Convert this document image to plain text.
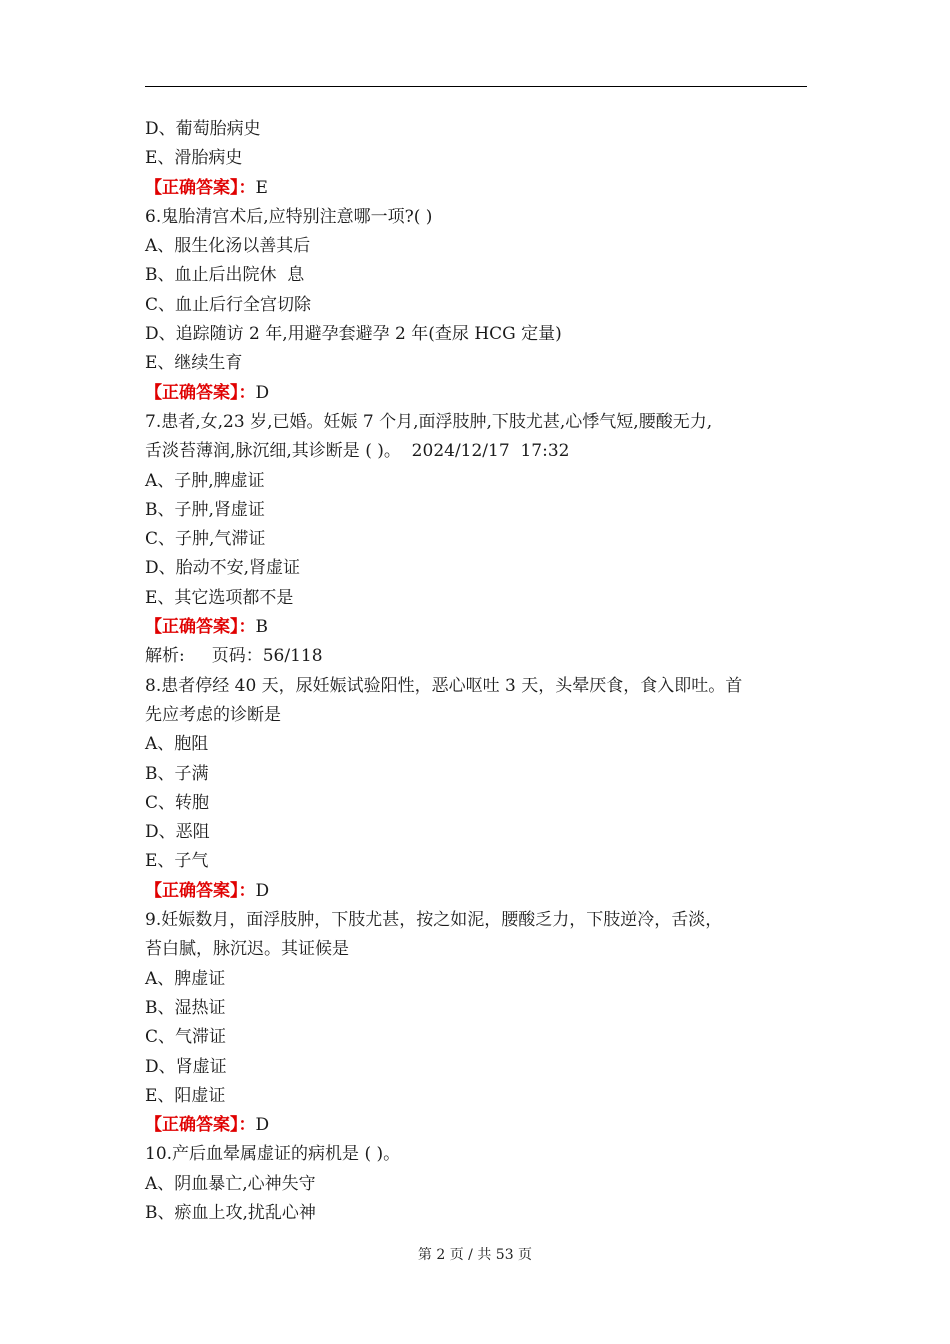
D、葡萄胎病史
E、滑胎病史
【正确答案】：E
6.鬼胎清宫术后,应特别注意哪一项?( )
A、服生化汤以善其后
B、血止后出院休  息
C、血止后行全宫切除
D、追踪随访 2 年,用避孕套避孕 2 年(查尿 HCG 定量)
E、继续生育
【正确答案】：D
7.患者,女,23 岁,已婚。妊娠 7 个月,面浮肢肿,下肢尤甚,心悸气短,腰酸无力,
舌淡苔薄润,脉沉细,其诊断是 ( )。  2024/12/17  17:32
A、子肿,脾虚证
B、子肿,肾虚证
C、子肿,气滞证
D、胎动不安,肾虚证
E、其它选项都不是
【正确答案】：B
解析:     页码：56/118
8.患者停经 40 天，尿妊娠试验阳性，恶心呕吐 3 天，头晕厌食，食入即吐。首
先应考虑的诊断是
A、胞阻
B、子满
C、转胞
D、恶阻
E、子气
【正确答案】：D
9.妊娠数月，面浮肢肿，下肢尤甚，按之如泥，腰酸乏力，下肢逆冷，舌淡，
苔白腻，脉沉迟。其证候是
A、脾虚证
B、湿热证
C、气滞证
D、肾虚证
E、阳虚证
【正确答案】：D
10.产后血晕属虚证的病机是 ( )。
A、阴血暴亡,心神失守
B、瘀血上攻,扰乱心神
第 2 页 / 共 53 页
